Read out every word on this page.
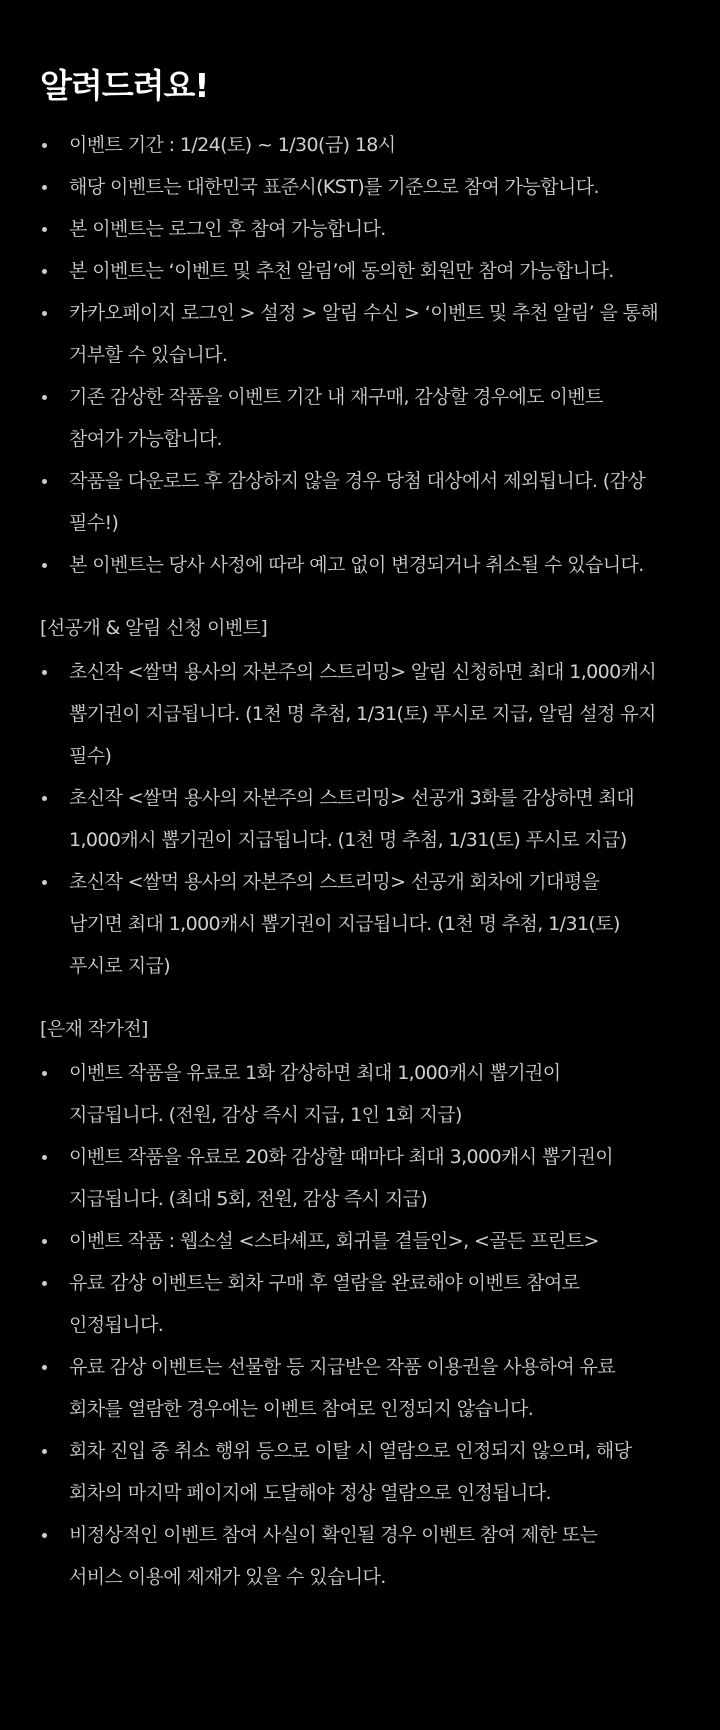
알려드려요!
이벤트 기간 : 1/24(토) ~ 1/30(금) 18시
해당 이벤트는 대한민국 표준시(KST)를 기준으로 참여 가능합니다.
본 이벤트는 로그인 후 참여 가능합니다.
본 이벤트는 ‘이벤트 및 추천 알림’에 동의한 회원만 참여 가능합니다.
카카오페이지 로그인 > 설정 > 알림 수신 > ‘이벤트 및 추천 알림’ 을 통해
거부할 수 있습니다.
기존 감상한 작품을 이벤트 기간 내 재구매, 감상할 경우에도 이벤트
참여가 가능합니다.
작품을 다운로드 후 감상하지 않을 경우 당첨 대상에서 제외됩니다. (감상
필수!)
본 이벤트는 당사 사정에 따라 예고 없이 변경되거나 취소될 수 있습니다.
[선공개 & 알림 신청 이벤트]
초신작 <쌀먹 용사의 자본주의 스트리밍> 알림 신청하면 최대 1,000캐시
뽑기권이 지급됩니다. (1천 명 추첨, 1/31(토) 푸시로 지급, 알림 설정 유지
필수)
초신작 <쌀먹 용사의 자본주의 스트리밍> 선공개 3화를 감상하면 최대
1,000캐시 뽑기권이 지급됩니다. (1천 명 추첨, 1/31(토) 푸시로 지급)
초신작 <쌀먹 용사의 자본주의 스트리밍> 선공개 회차에 기대평을
남기면 최대 1,000캐시 뽑기권이 지급됩니다. (1천 명 추첨, 1/31(토)
푸시로 지급)
[은재 작가전]
이벤트 작품을 유료로 1화 감상하면 최대 1,000캐시 뽑기권이
지급됩니다. (전원, 감상 즉시 지급, 1인 1회 지급)
이벤트 작품을 유료로 20화 감상할 때마다 최대 3,000캐시 뽑기권이
지급됩니다. (최대 5회, 전원, 감상 즉시 지급)
이벤트 작품 : 웹소설 <스타셰프, 회귀를 곁들인>, <골든 프린트>
유료 감상 이벤트는 회차 구매 후 열람을 완료해야 이벤트 참여로
인정됩니다.
유료 감상 이벤트는 선물함 등 지급받은 작품 이용권을 사용하여 유료
회차를 열람한 경우에는 이벤트 참여로 인정되지 않습니다.
회차 진입 중 취소 행위 등으로 이탈 시 열람으로 인정되지 않으며, 해당
회차의 마지막 페이지에 도달해야 정상 열람으로 인정됩니다.
비정상적인 이벤트 참여 사실이 확인될 경우 이벤트 참여 제한 또는
서비스 이용에 제재가 있을 수 있습니다.
